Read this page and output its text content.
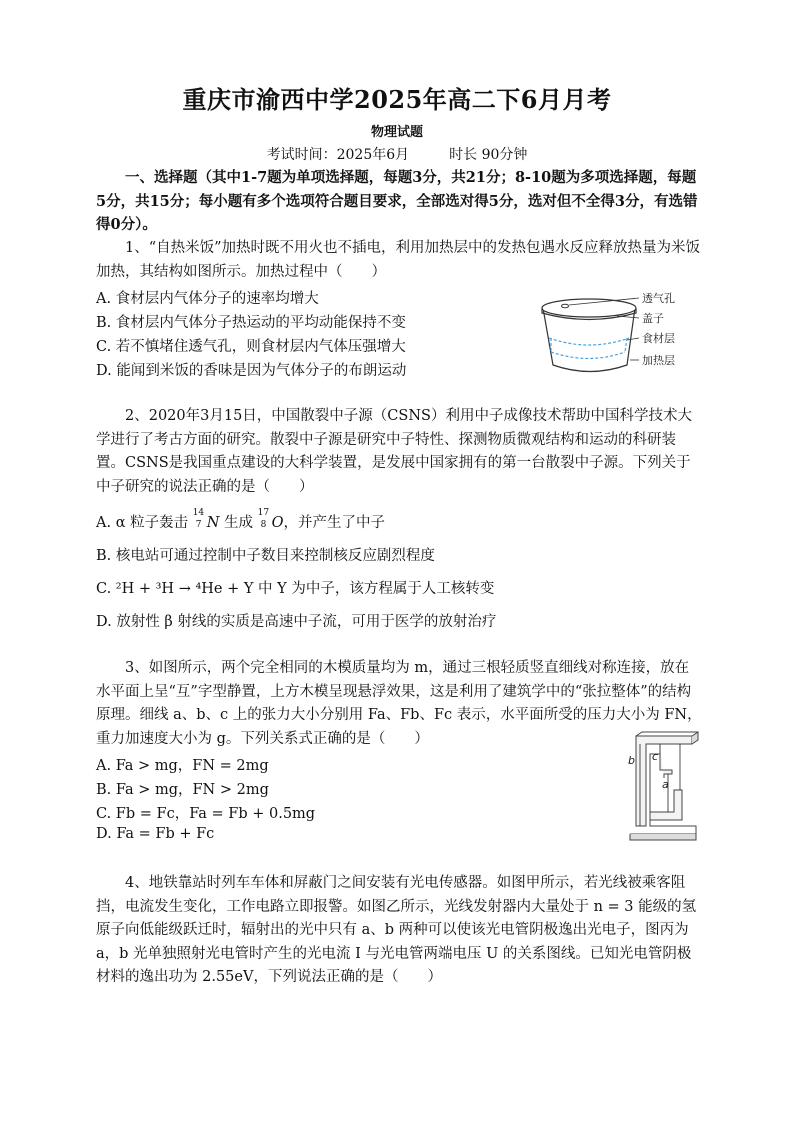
重庆市渝西中学2025年高二下6月月考
物理试题
考试时间：2025年6月	时长 90分钟
一、选择题（其中1-7题为单项选择题，每题3分，共21分；8-10题为多项选择题，每题5分，共15分；每小题有多个选项符合题目要求，全部选对得5分，选对但不全得3分，有选错得0分）。
1、“自热米饭”加热时既不用火也不插电，利用加热层中的发热包遇水反应释放热量为米饭加热，其结构如图所示。加热过程中（　　）
A. 食材层内气体分子的速率均增大
B. 食材层内气体分子热运动的平均动能保持不变
C. 若不慎堵住透气孔，则食材层内气体压强增大
D. 能闻到米饭的香味是因为气体分子的布朗运动
透气孔
盖子
食材层
加热层
2、2020年3月15日，中国散裂中子源（CSNS）利用中子成像技术帮助中国科学技术大学进行了考古方面的研究。散裂中子源是研究中子特性、探测物质微观结构和运动的科研装置。CSNS是我国重点建设的大科学装置，是发展中国家拥有的第一台散裂中子源。下列关于中子研究的说法正确的是（　　）
A. α 粒子轰击
14
7 N 生成
17
8 O，并产生了中子
B. 核电站可通过控制中子数目来控制核反应剧烈程度
C. ²H + ³H → ⁴He + Y 中 Y 为中子，该方程属于人工核转变
D. 放射性 β 射线的实质是高速中子流，可用于医学的放射治疗
3、如图所示，两个完全相同的木模质量均为 m，通过三根轻质竖直细线对称连接，放在水平面上呈“互”字型静置，上方木模呈现悬浮效果，这是利用了建筑学中的“张拉整体”的结构原理。细线 a、b、c 上的张力大小分别用 Fa、Fb、Fc 表示，水平面所受的压力大小为 FN，重力加速度大小为 g。下列关系式正确的是（　　）
A. Fa > mg，FN = 2mg
B. Fa > mg，FN > 2mg
C. Fb = Fc，Fa = Fb + 0.5mg
D. Fa = Fb + Fc
b c
a
4、地铁靠站时列车车体和屏蔽门之间安装有光电传感器。如图甲所示，若光线被乘客阻挡，电流发生变化，工作电路立即报警。如图乙所示，光线发射器内大量处于 n = 3 能级的氢原子向低能级跃迁时，辐射出的光中只有 a、b 两种可以使该光电管阴极逸出光电子，图丙为 a，b 光单独照射光电管时产生的光电流 I 与光电管两端电压 U 的关系图线。已知光电管阴极材料的逸出功为 2.55eV，下列说法正确的是（　　）
